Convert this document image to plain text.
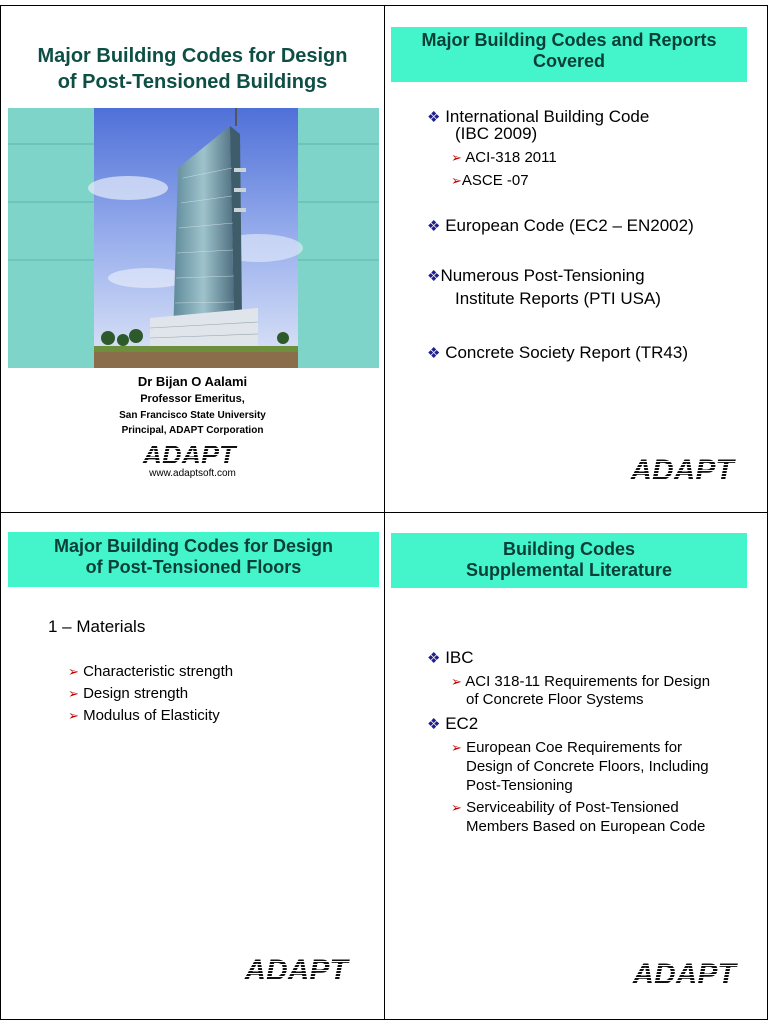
Major Building Codes for Design
of Post-Tensioned Buildings
Dr Bijan O Aalami
Professor Emeritus,
San Francisco State University
Principal, ADAPT Corporation
ADAPT
www.adaptsoft.com
Major Building Codes and Reports
Covered
❖ International Building Code
(IBC 2009)
➢ ACI-318 2011
➢ASCE -07
❖ European Code (EC2 – EN2002)
❖Numerous Post-Tensioning
Institute Reports (PTI USA)
❖ Concrete Society Report (TR43)
ADAPT
Major Building Codes for Design
of Post-Tensioned Floors
1 – Materials
➢ Characteristic strength
➢ Design strength
➢ Modulus of Elasticity
ADAPT
Building Codes
Supplemental Literature
❖ IBC
➢ ACI 318-11 Requirements for Design
of Concrete Floor Systems
❖ EC2
➢ European Coe Requirements for
Design of Concrete Floors, Including
Post-Tensioning
➢ Serviceability of Post-Tensioned
Members Based on European Code
ADAPT
